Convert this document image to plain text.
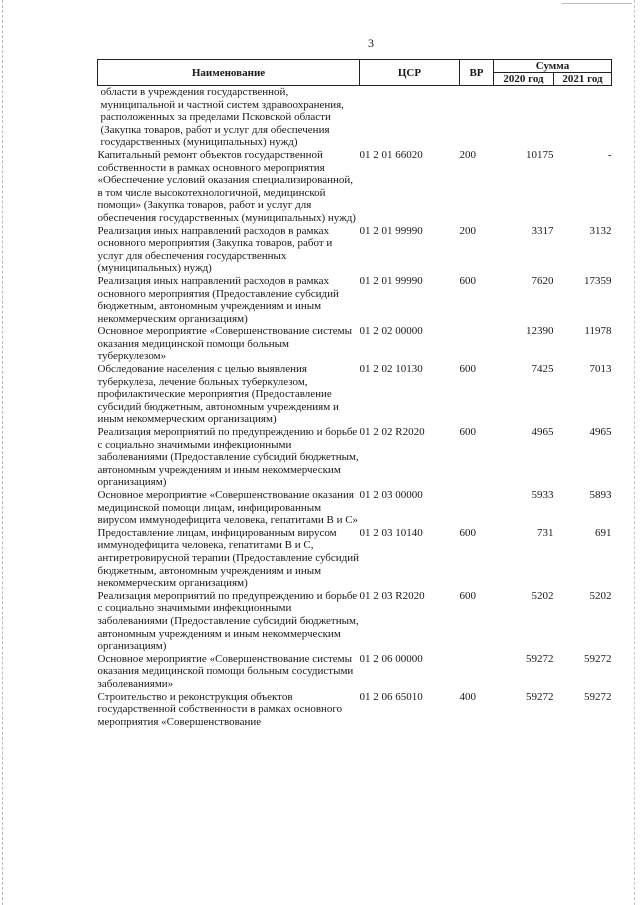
3
Наименование	ЦСР	ВР	Сумма	
			2020 год	2021 год
области в учреждения государственной, муниципальной и частной систем здравоохранения, расположенных за пределами Псковской области (Закупка товаров, работ и услуг для обеспечения государственных (муниципальных) нужд)				
Капитальный ремонт объектов государственной собственности в рамках основного мероприятия «Обеспечение условий оказания специализированной, в том числе высокотехнологичной, медицинской помощи» (Закупка товаров, работ и услуг для обеспечения государственных (муниципальных) нужд)	01 2 01 66020	200	10175	-
Реализация иных направлений расходов в рамках основного мероприятия (Закупка товаров, работ и услуг для обеспечения государственных (муниципальных) нужд)	01 2 01 99990	200	3317	3132
Реализация иных направлений расходов в рамках основного мероприятия (Предоставление субсидий бюджетным, автономным учреждениям и иным некоммерческим организациям)	01 2 01 99990	600	7620	17359
Основное мероприятие «Совершенствование системы оказания медицинской помощи больным туберкулезом»	01 2 02 00000		12390	11978
Обследование населения с целью выявления туберкулеза, лечение больных туберкулезом, профилактические мероприятия (Предоставление субсидий бюджетным, автономным учреждениям и иным некоммерческим организациям)	01 2 02 10130	600	7425	7013
Реализация мероприятий по предупреждению и борьбе с социально значимыми инфекционными заболеваниями (Предоставление субсидий бюджетным, автономным учреждениям и иным некоммерческим организациям)	01 2 02 R2020	600	4965	4965
Основное мероприятие «Совершенствование оказания медицинской помощи лицам, инфицированным вирусом иммунодефицита человека, гепатитами В и С»	01 2 03 00000		5933	5893
Предоставление лицам, инфицированным вирусом иммунодефицита человека, гепатитами В и С, антиретровирусной терапии (Предоставление субсидий бюджетным, автономным учреждениям и иным некоммерческим организациям)	01 2 03 10140	600	731	691
Реализация мероприятий по предупреждению и борьбе с социально значимыми инфекционными заболеваниями (Предоставление субсидий бюджетным, автономным учреждениям и иным некоммерческим организациям)	01 2 03 R2020	600	5202	5202
Основное мероприятие «Совершенствование системы оказания медицинской помощи больным сосудистыми заболеваниями»	01 2 06 00000		59272	59272
Строительство и реконструкция объектов государственной собственности в рамках основного мероприятия «Совершенствование	01 2 06 65010	400	59272	59272
